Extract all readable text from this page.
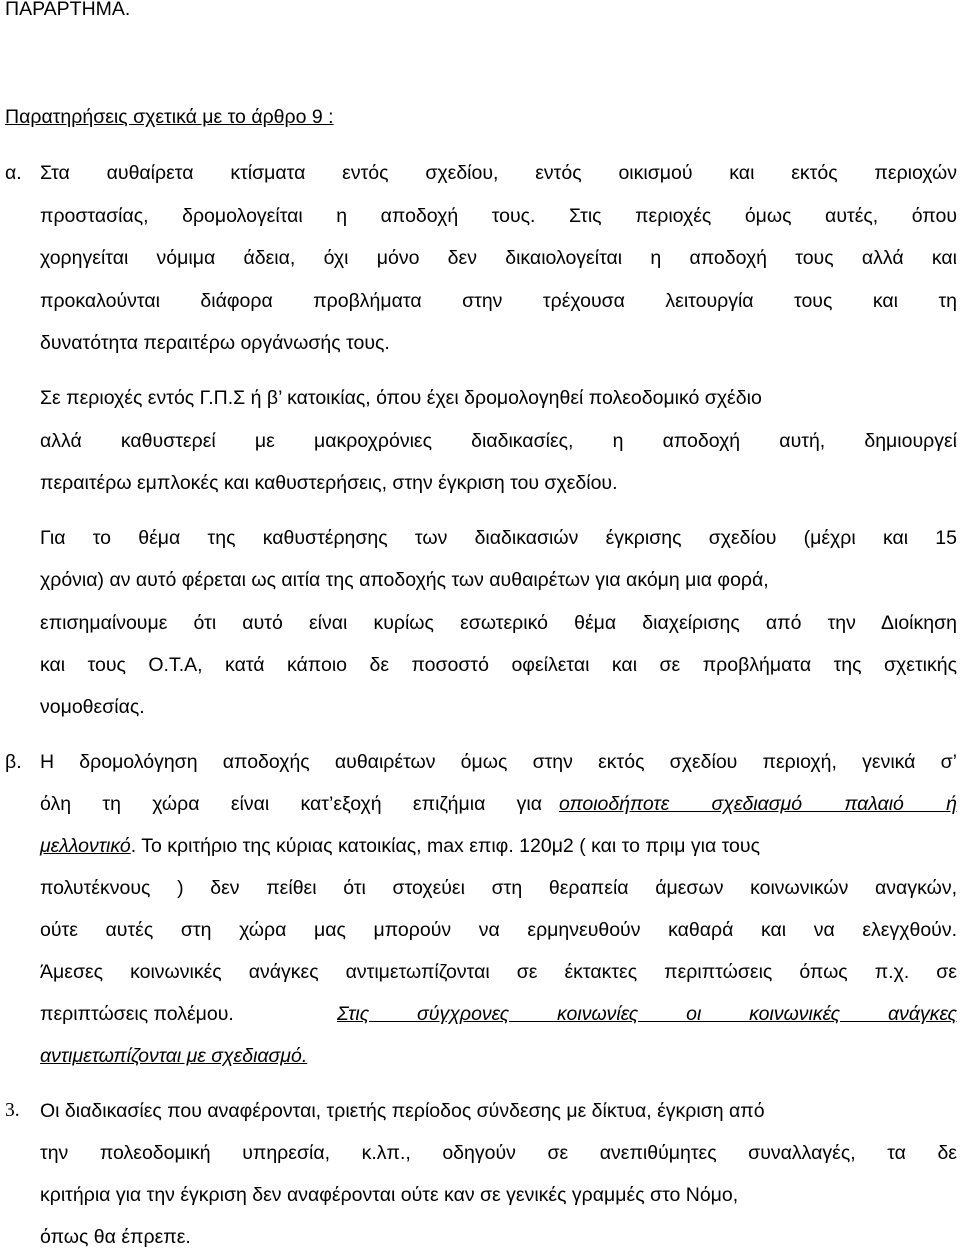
ΠΑΡΑΡΤΗΜΑ.
Παρατηρήσεις σχετικά με το άρθρο 9 :
α. Στα αυθαίρετα κτίσματα εντός σχεδίου, εντός οικισμού και εκτός περιοχών
προστασίας, δρομολογείται η αποδοχή τους. Στις περιοχές όμως αυτές, όπου
χορηγείται νόμιμα άδεια, όχι μόνο δεν δικαιολογείται η αποδοχή τους αλλά και
προκαλούνται διάφορα προβλήματα στην τρέχουσα λειτουργία τους και τη
δυνατότητα περαιτέρω οργάνωσής τους.
Σε περιοχές εντός Γ.Π.Σ ή β’ κατοικίας, όπου έχει δρομολογηθεί πολεοδομικό σχέδιο
αλλά καθυστερεί με μακροχρόνιες διαδικασίες, η αποδοχή αυτή, δημιουργεί
περαιτέρω εμπλοκές και καθυστερήσεις, στην έγκριση του σχεδίου.
Για το θέμα της καθυστέρησης των διαδικασιών έγκρισης σχεδίου (μέχρι και 15
χρόνια) αν αυτό φέρεται ως αιτία της αποδοχής των αυθαιρέτων για ακόμη μια φορά,
επισημαίνουμε ότι αυτό είναι κυρίως εσωτερικό θέμα διαχείρισης από την Διοίκηση
και τους Ο.Τ.Α, κατά κάποιο δε ποσοστό οφείλεται και σε προβλήματα της σχετικής
νομοθεσίας.
β. Η δρομολόγηση αποδοχής αυθαιρέτων όμως στην εκτός σχεδίου περιοχή, γενικά σ’
όλη τη χώρα είναι κατ’εξοχή επιζήμια για οποιοδήποτε σχεδιασμό παλαιό ή
μελλοντικό. Το κριτήριο της κύριας κατοικίας, max επιφ. 120μ2 ( και το πριμ για τους
πολυτέκνους ) δεν πείθει ότι στοχεύει στη θεραπεία άμεσων κοινωνικών αναγκών,
ούτε αυτές στη χώρα μας μπορούν να ερμηνευθούν καθαρά και να ελεγχθούν.
Άμεσες κοινωνικές ανάγκες αντιμετωπίζονται σε έκτακτες περιπτώσεις όπως π.χ. σε
περιπτώσεις πολέμου.	Στις σύγχρονες κοινωνίες οι κοινωνικές ανάγκες
αντιμετωπίζονται με σχεδιασμό.
3. Οι διαδικασίες που αναφέρονται, τριετής περίοδος σύνδεσης με δίκτυα, έγκριση από
την πολεοδομική υπηρεσία, κ.λπ., οδηγούν σε ανεπιθύμητες συναλλαγές, τα δε
κριτήρια για την έγκριση δεν αναφέρονται ούτε καν σε γενικές γραμμές στο Νόμο,
όπως θα έπρεπε.
